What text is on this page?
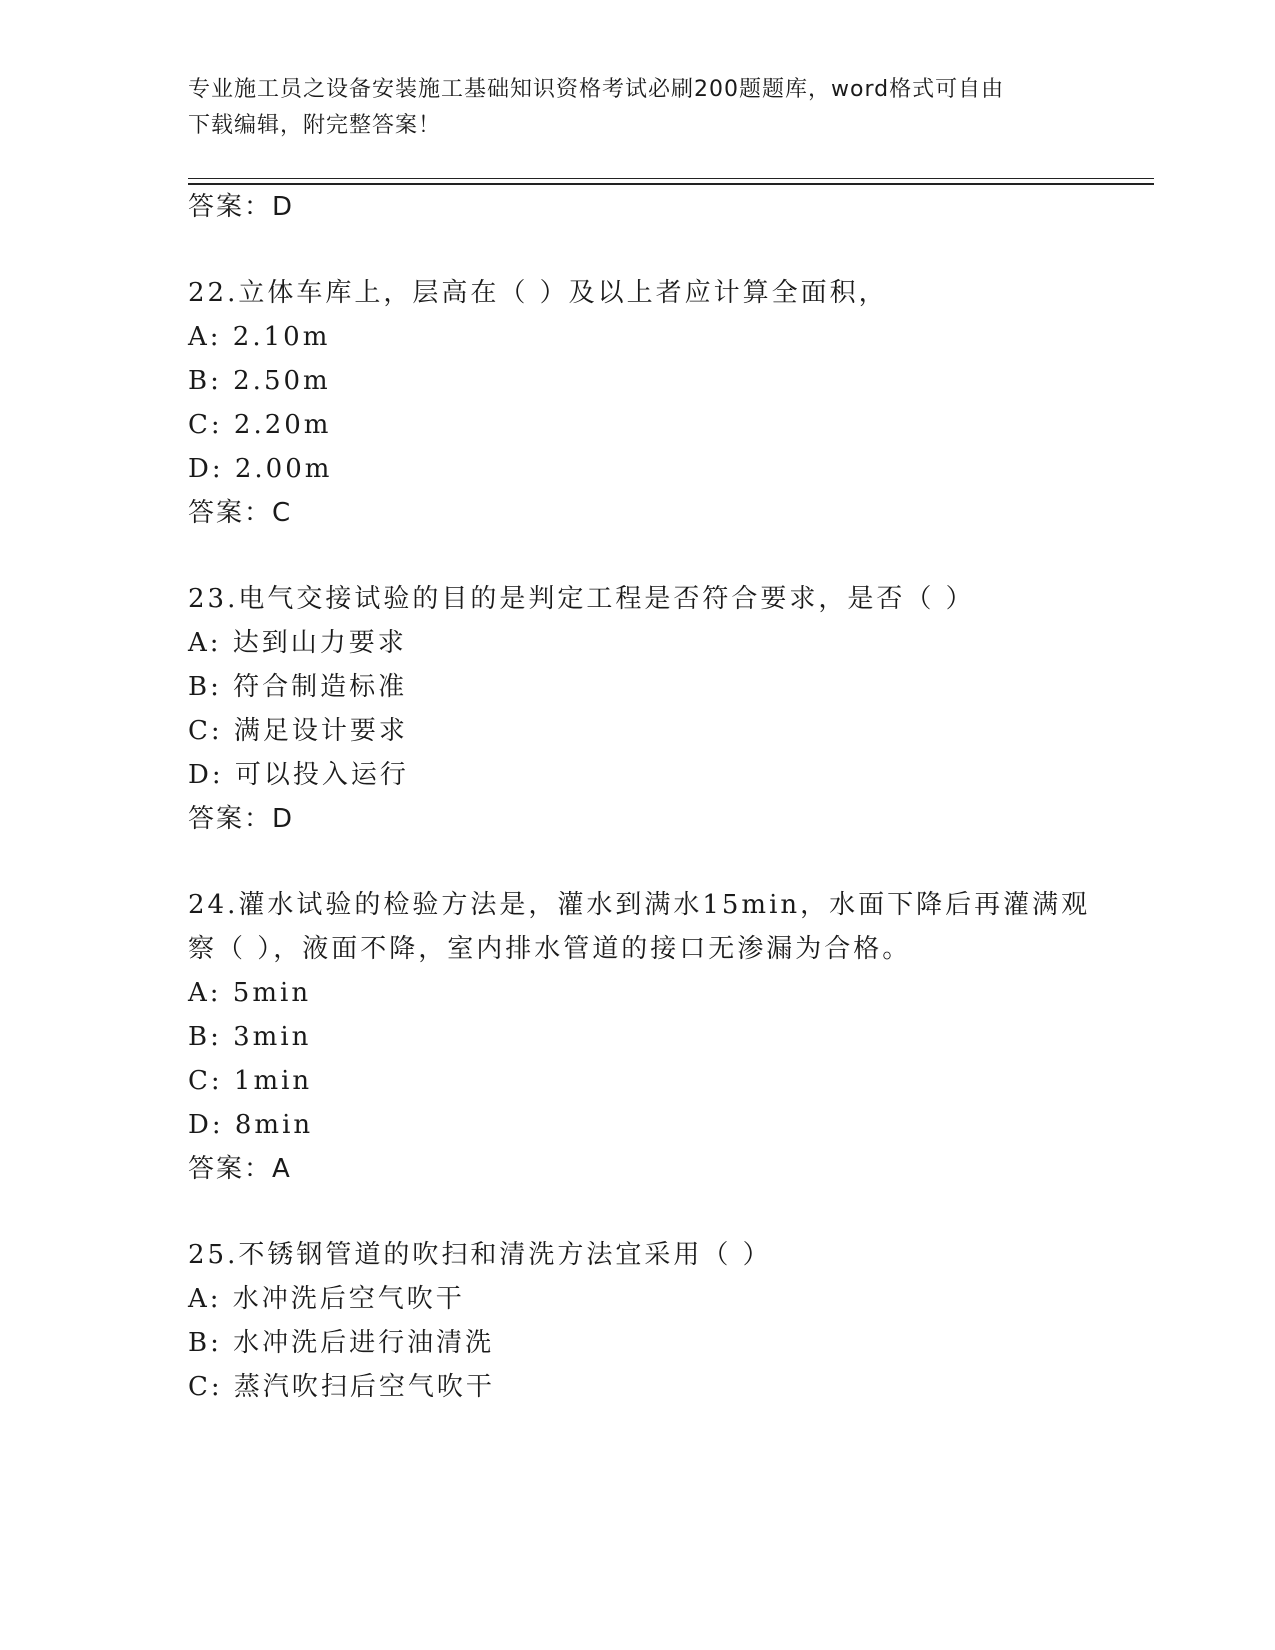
专业施工员之设备安装施工基础知识资格考试必刷200题题库，word格式可自由
下载编辑，附完整答案！
答案：D
22.立体车库上，层高在（ ）及以上者应计算全面积，
A: 2.10m
B: 2.50m
C: 2.20m
D: 2.00m
答案：C
23.电气交接试验的目的是判定工程是否符合要求，是否（ ）
A: 达到山力要求
B: 符合制造标准
C: 满足设计要求
D: 可以投入运行
答案：D
24.灌水试验的检验方法是，灌水到满水15min，水面下降后再灌满观
察（ ），液面不降，室内排水管道的接口无渗漏为合格。
A: 5min
B: 3min
C: 1min
D: 8min
答案：A
25.不锈钢管道的吹扫和清洗方法宜采用（ ）
A: 水冲洗后空气吹干
B: 水冲洗后进行油清洗
C: 蒸汽吹扫后空气吹干
